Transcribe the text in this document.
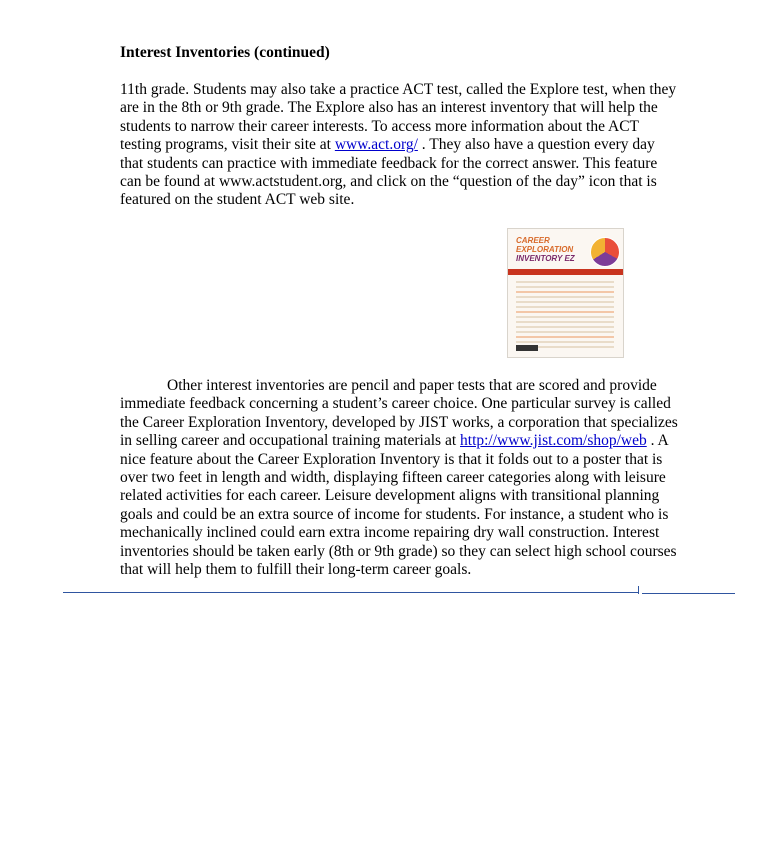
Interest Inventories (continued)

11th grade. Students may also take a practice ACT test, called the Explore test, when they are in the 8th or 9th grade. The Explore also has an interest inventory that will help the students to narrow their career interests. To access more information about the ACT testing programs, visit their site at www.act.org/ . They also have a question every day that students can practice with immediate feedback for the correct answer. This feature can be found at www.actstudent.org, and click on the “question of the day” icon that is featured on the student ACT web site.

CAREER
EXPLORATION
INVENTORY EZ

Other interest inventories are pencil and paper tests that are scored and provide immediate feedback concerning a student’s career choice. One particular survey is called the Career Exploration Inventory, developed by JIST works, a corporation that specializes in selling career and occupational training materials at http://www.jist.com/shop/web . A nice feature about the Career Exploration Inventory is that it folds out to a poster that is over two feet in length and width, displaying fifteen career categories along with leisure related activities for each career. Leisure development aligns with transitional planning goals and could be an extra source of income for students. For instance, a student who is mechanically inclined could earn extra income repairing dry wall construction. Interest inventories should be taken early (8th or 9th grade) so they can select high school courses that will help them to fulfill their long-term career goals.
